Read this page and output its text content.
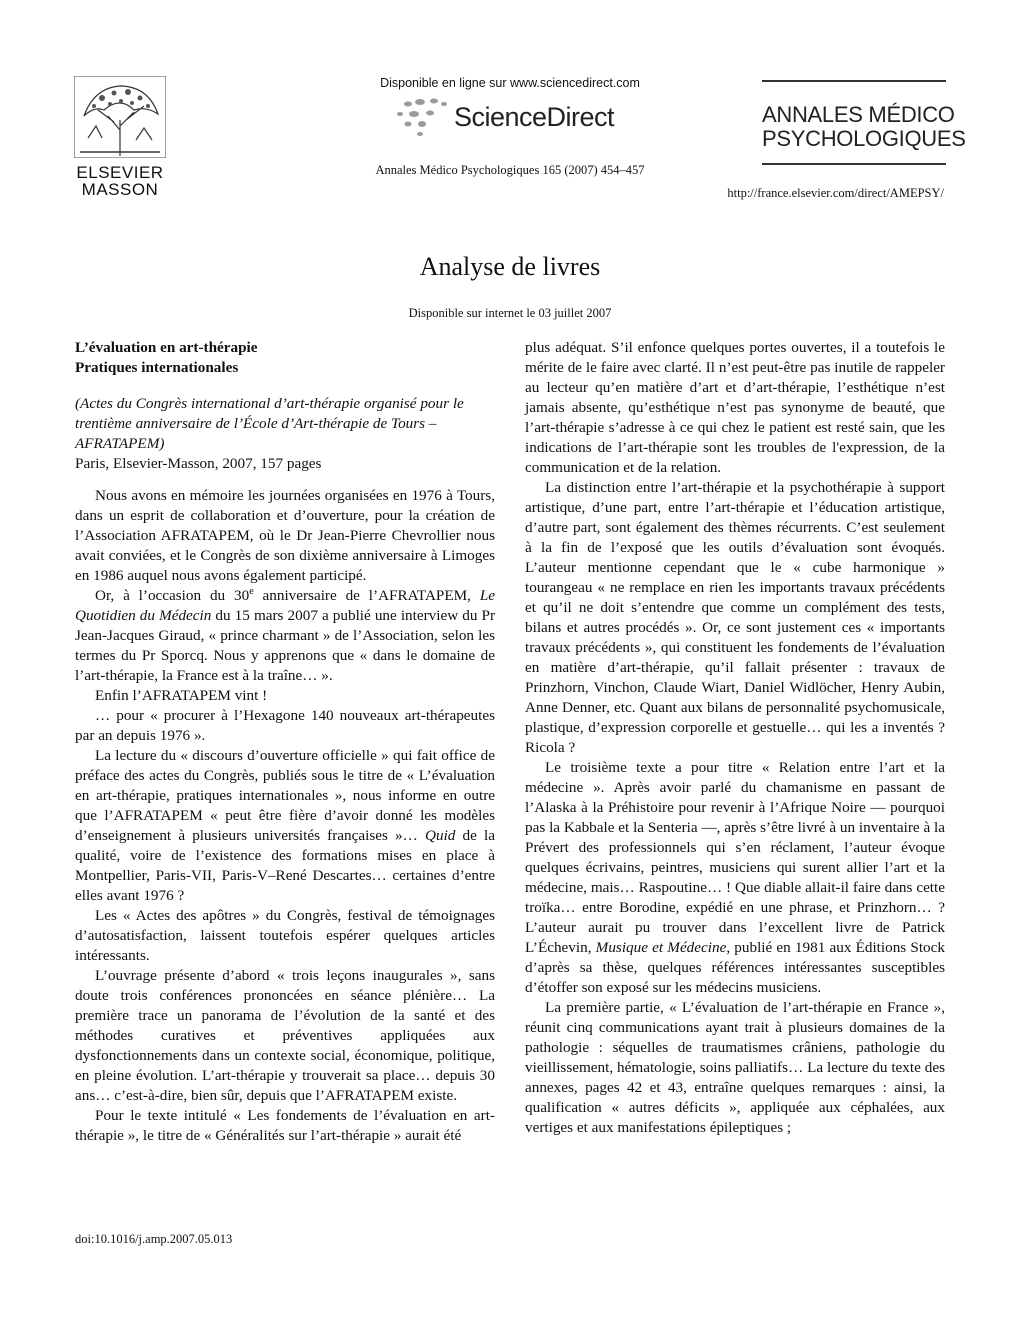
ELSEVIER
MASSON
Disponible en ligne sur www.sciencedirect.com
ScienceDirect
Annales Médico Psychologiques 165 (2007) 454–457
ANNALES MÉDICO
PSYCHOLOGIQUES
http://france.elsevier.com/direct/AMEPSY/
Analyse de livres
Disponible sur internet le 03 juillet 2007
L’évaluation en art-thérapie
Pratiques internationales
(Actes du Congrès international d’art-thérapie organisé pour le trentième anniversaire de l’École d’Art-thérapie de Tours – AFRATAPEM)
Paris, Elsevier-Masson, 2007, 157 pages

Nous avons en mémoire les journées organisées en 1976 à Tours, dans un esprit de collaboration et d’ouverture, pour la création de l’Association AFRATAPEM, où le Dr Jean-Pierre Chevrollier nous avait conviées, et le Congrès de son dixième anniversaire à Limoges en 1986 auquel nous avons également participé.

Or, à l’occasion du 30e anniversaire de l’AFRATAPEM, Le Quotidien du Médecin du 15 mars 2007 a publié une interview du Pr Jean-Jacques Giraud, « prince charmant » de l’Association, selon les termes du Pr Sporcq. Nous y apprenons que « dans le domaine de l’art-thérapie, la France est à la traîne… ».

Enfin l’AFRATAPEM vint !

… pour « procurer à l’Hexagone 140 nouveaux art-thérapeutes par an depuis 1976 ».

La lecture du « discours d’ouverture officielle » qui fait office de préface des actes du Congrès, publiés sous le titre de « L’évaluation en art-thérapie, pratiques internationales », nous informe en outre que l’AFRATAPEM « peut être fière d’avoir donné les modèles d’enseignement à plusieurs universités françaises »… Quid de la qualité, voire de l’existence des formations mises en place à Montpellier, Paris-VII, Paris-V–René Descartes… certaines d’entre elles avant 1976 ?

Les « Actes des apôtres » du Congrès, festival de témoignages d’autosatisfaction, laissent toutefois espérer quelques articles intéressants.

L’ouvrage présente d’abord « trois leçons inaugurales », sans doute trois conférences prononcées en séance plénière… La première trace un panorama de l’évolution de la santé et des méthodes curatives et préventives appliquées aux dysfonctionnements dans un contexte social, économique, politique, en pleine évolution. L’art-thérapie y trouverait sa place… depuis 30 ans… c’est-à-dire, bien sûr, depuis que l’AFRATAPEM existe.

Pour le texte intitulé « Les fondements de l’évaluation en art-thérapie », le titre de « Généralités sur l’art-thérapie » aurait été

plus adéquat. S’il enfonce quelques portes ouvertes, il a toutefois le mérite de le faire avec clarté. Il n’est peut-être pas inutile de rappeler au lecteur qu’en matière d’art et d’art-thérapie, l’esthétique n’est jamais absente, qu’esthétique n’est pas synonyme de beauté, que l’art-thérapie s’adresse à ce qui chez le patient est resté sain, que les indications de l’art-thérapie sont les troubles de l'expression, de la communication et de la relation.

La distinction entre l’art-thérapie et la psychothérapie à support artistique, d’une part, entre l’art-thérapie et l’éducation artistique, d’autre part, sont également des thèmes récurrents. C’est seulement à la fin de l’exposé que les outils d’évaluation sont évoqués. L’auteur mentionne cependant que le « cube harmonique » tourangeau « ne remplace en rien les importants travaux précédents et qu’il ne doit s’entendre que comme un complément des tests, bilans et autres procédés ». Or, ce sont justement ces « importants travaux précédents », qui constituent les fondements de l’évaluation en matière d’art-thérapie, qu’il fallait présenter : travaux de Prinzhorn, Vinchon, Claude Wiart, Daniel Widlöcher, Henry Aubin, Anne Denner, etc. Quant aux bilans de personnalité psychomusicale, plastique, d’expression corporelle et gestuelle… qui les a inventés ? Ricola ?

Le troisième texte a pour titre « Relation entre l’art et la médecine ». Après avoir parlé du chamanisme en passant de l’Alaska à la Préhistoire pour revenir à l’Afrique Noire — pourquoi pas la Kabbale et la Senteria —, après s’être livré à un inventaire à la Prévert des professionnels qui s’en réclament, l’auteur évoque quelques écrivains, peintres, musiciens qui surent allier l’art et la médecine, mais… Raspoutine… ! Que diable allait-il faire dans cette troïka… entre Borodine, expédié en une phrase, et Prinzhorn… ? L’auteur aurait pu trouver dans l’excellent livre de Patrick L’Échevin, Musique et Médecine, publié en 1981 aux Éditions Stock d’après sa thèse, quelques références intéressantes susceptibles d’étoffer son exposé sur les médecins musiciens.

La première partie, « L’évaluation de l’art-thérapie en France », réunit cinq communications ayant trait à plusieurs domaines de la pathologie : séquelles de traumatismes crâniens, pathologie du vieillissement, hématologie, soins palliatifs… La lecture du texte des annexes, pages 42 et 43, entraîne quelques remarques : ainsi, la qualification « autres déficits », appliquée aux céphalées, aux vertiges et aux manifestations épileptiques ;

doi:10.1016/j.amp.2007.05.013
